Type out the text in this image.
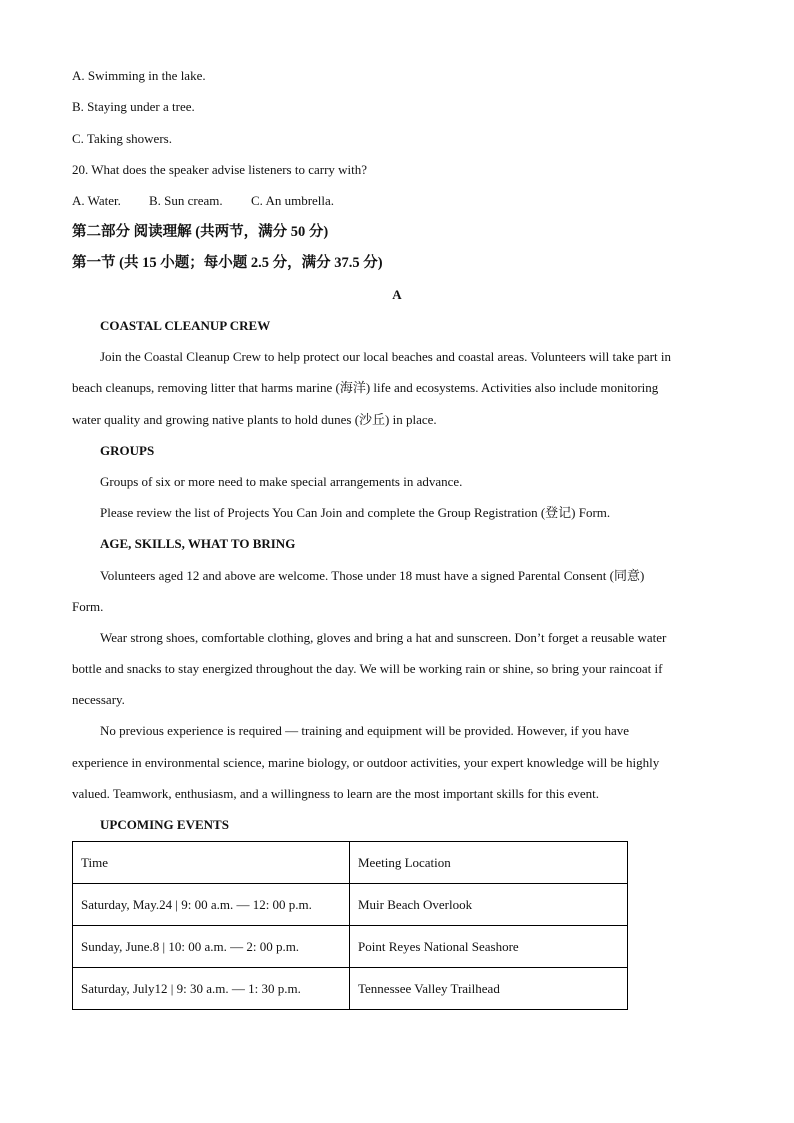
A. Swimming in the lake.
B. Staying under a tree.
C. Taking showers.
20. What does the speaker advise listeners to carry with?
A. Water. B. Sun cream. C. An umbrella.
第二部分 阅读理解 (共两节，满分 50 分)
第一节 (共 15 小题；每小题 2.5 分，满分 37.5 分)
A
COASTAL CLEANUP CREW
Join the Coastal Cleanup Crew to help protect our local beaches and coastal areas. Volunteers will take part in
beach cleanups, removing litter that harms marine (海洋) life and ecosystems. Activities also include monitoring
water quality and growing native plants to hold dunes (沙丘) in place.
GROUPS
Groups of six or more need to make special arrangements in advance.
Please review the list of Projects You Can Join and complete the Group Registration (登记) Form.
AGE, SKILLS, WHAT TO BRING
Volunteers aged 12 and above are welcome. Those under 18 must have a signed Parental Consent (同意)
Form.
Wear strong shoes, comfortable clothing, gloves and bring a hat and sunscreen. Don’t forget a reusable water
bottle and snacks to stay energized throughout the day. We will be working rain or shine, so bring your raincoat if
necessary.
No previous experience is required — training and equipment will be provided. However, if you have
experience in environmental science, marine biology, or outdoor activities, your expert knowledge will be highly
valued. Teamwork, enthusiasm, and a willingness to learn are the most important skills for this event.
UPCOMING EVENTS
Time	Meeting Location
Saturday, May.24 | 9: 00 a.m. — 12: 00 p.m.	Muir Beach Overlook
Sunday, June.8 | 10: 00 a.m. — 2: 00 p.m.	Point Reyes National Seashore
Saturday, July12 | 9: 30 a.m. — 1: 30 p.m.	Tennessee Valley Trailhead
